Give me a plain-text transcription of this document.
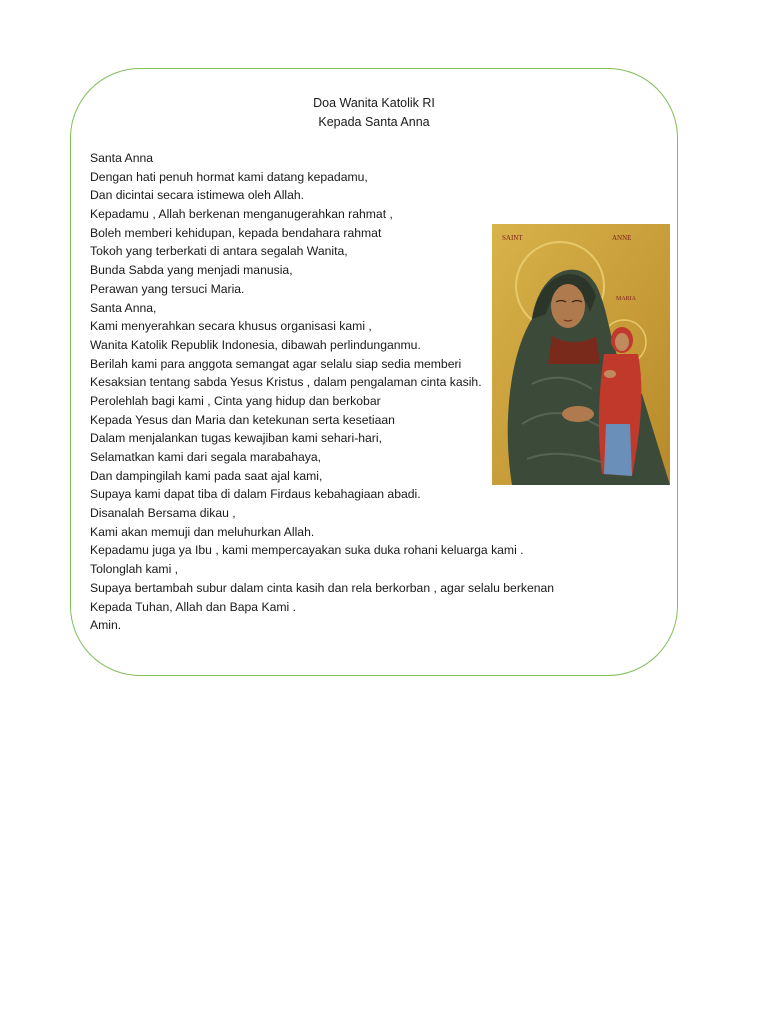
Doa Wanita Katolik RI
Kepada Santa Anna
Santa Anna
Dengan hati penuh hormat kami datang kepadamu,
Dan dicintai secara istimewa oleh Allah.
Kepadamu , Allah berkenan menganugerahkan rahmat ,
Boleh memberi kehidupan, kepada bendahara rahmat
Tokoh yang terberkati di antara segalah Wanita,
Bunda Sabda yang menjadi manusia,
Perawan yang tersuci Maria.
Santa Anna,
Kami menyerahkan secara khusus organisasi kami ,
Wanita Katolik Republik Indonesia, dibawah perlindunganmu.
Berilah kami para anggota semangat agar selalu siap sedia memberi
Kesaksian tentang sabda Yesus Kristus , dalam pengalaman cinta kasih.
Perolehlah bagi kami , Cinta yang hidup dan berkobar
Kepada Yesus dan Maria dan ketekunan serta kesetiaan
Dalam menjalankan tugas kewajiban kami sehari-hari,
Selamatkan kami dari segala marabahaya,
Dan dampingilah kami pada saat ajal kami,
Supaya kami dapat tiba di dalam Firdaus kebahagiaan abadi.
Disanalah Bersama dikau ,
Kami akan memuji dan meluhurkan Allah.
Kepadamu juga ya Ibu , kami mempercayakan suka duka rohani keluarga kami .
Tolonglah kami ,
Supaya bertambah subur dalam cinta kasih dan rela berkorban , agar selalu berkenan
Kepada Tuhan, Allah dan Bapa Kami .
Amin.
SAINT	ANNE
MARIA
